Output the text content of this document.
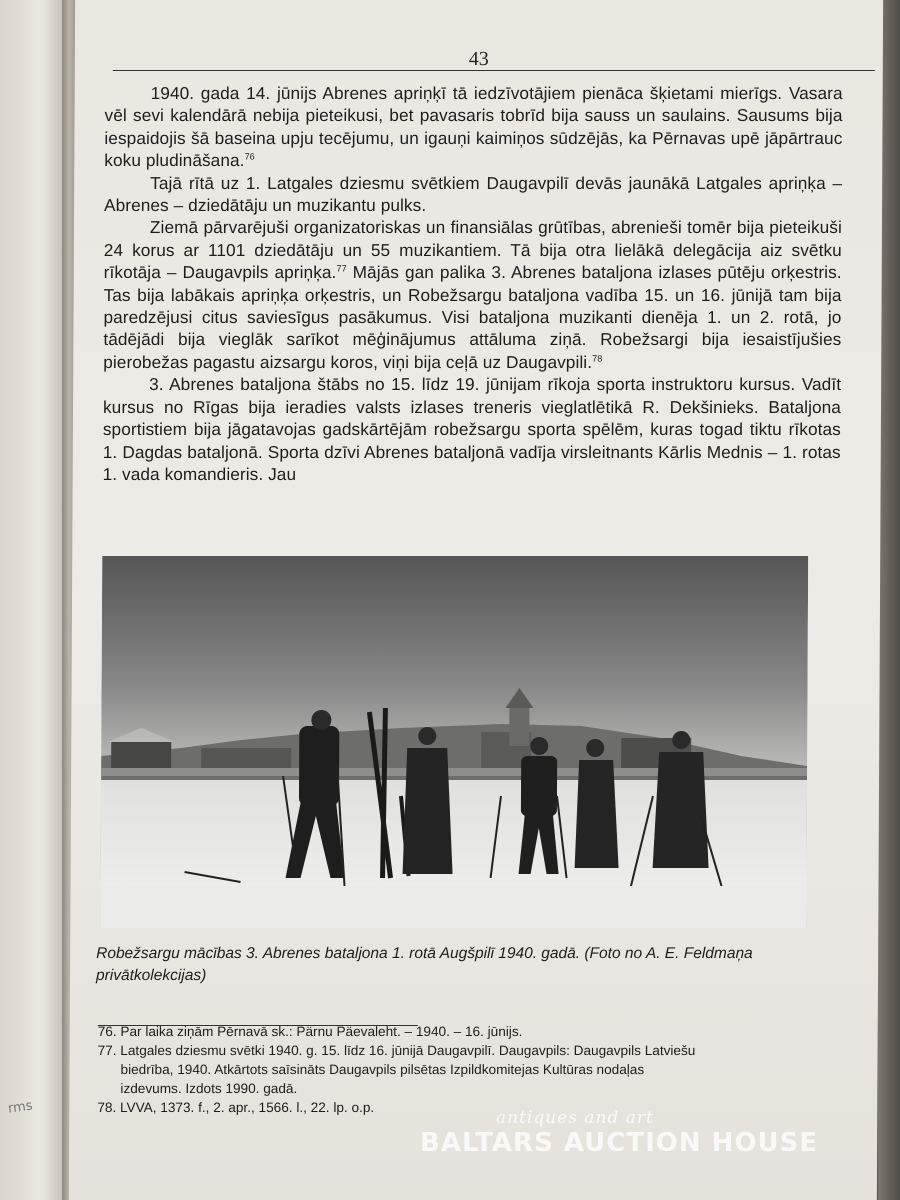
rms
43

1940. gada 14. jūnijs Abrenes apriņķī tā iedzīvotājiem pienāca šķietami mierīgs. Vasara vēl sevi kalendārā nebija pieteikusi, bet pavasaris tobrīd bija sauss un saulains. Sausums bija iespaidojis šā baseina upju tecējumu, un igauņi kaimiņos sūdzējās, ka Pērnavas upē jāpārtrauc koku pludināšana.$^{76}$

Tajā rītā uz 1. Latgales dziesmu svētkiem Daugavpilī devās jaunākā Latgales apriņķa – Abrenes – dziedātāju un muzikantu pulks.

Ziemā pārvarējuši organizatoriskas un finansiālas grūtības, abrenieši tomēr bija pieteikuši 24 korus ar 1101 dziedātāju un 55 muzikantiem. Tā bija otra lielākā delegācija aiz svētku rīkotāja – Daugavpils apriņķa.$^{77}$ Mājās gan palika 3. Abrenes bataljona izlases pūtēju orķestris. Tas bija labākais apriņķa orķestris, un Robežsargu bataljona vadība 15. un 16. jūnijā tam bija paredzējusi citus saviesīgus pasākumus. Visi bataljona muzikanti dienēja 1. un 2. rotā, jo tādējādi bija vieglāk sarīkot mēģinājumus attāluma ziņā. Robežsargi bija iesaistījušies pierobežas pagastu aizsargu koros, viņi bija ceļā uz Daugavpili.$^{78}$

3. Abrenes bataljona štābs no 15. līdz 19. jūnijam rīkoja sporta instruktoru kursus. Vadīt kursus no Rīgas bija ieradies valsts izlases treneris vieglatlētikā R. Dekšinieks. Bataljona sportistiem bija jāgatavojas gadskārtējām robežsargu sporta spēlēm, kuras togad tiktu rīkotas 1. Dagdas bataljonā. Sporta dzīvi Abrenes bataljonā vadīja virsleitnants Kārlis Mednis – 1. rotas 1. vada komandieris. Jau

Robežsargu mācības 3. Abrenes bataljona 1. rotā Augšpilī 1940. gadā. (Foto no A. E. Feldmaņa privātkolekcijas)
76. Par laika ziņām Pērnavā sk.: Pärnu Päevaleht. – 1940. – 16. jūnijs.
77. Latgales dziesmu svētki 1940. g. 15. līdz 16. jūnijā Daugavpilī. Daugavpils: Daugavpils Latviešu
biedrība, 1940. Atkārtots saīsināts Daugavpils pilsētas Izpildkomitejas Kultūras nodaļas
izdevums. Izdots 1990. gadā.
78. LVVA, 1373. f., 2. apr., 1566. l., 22. lp. o.p.
antiques and art
BALTARS AUCTION HOUSE
